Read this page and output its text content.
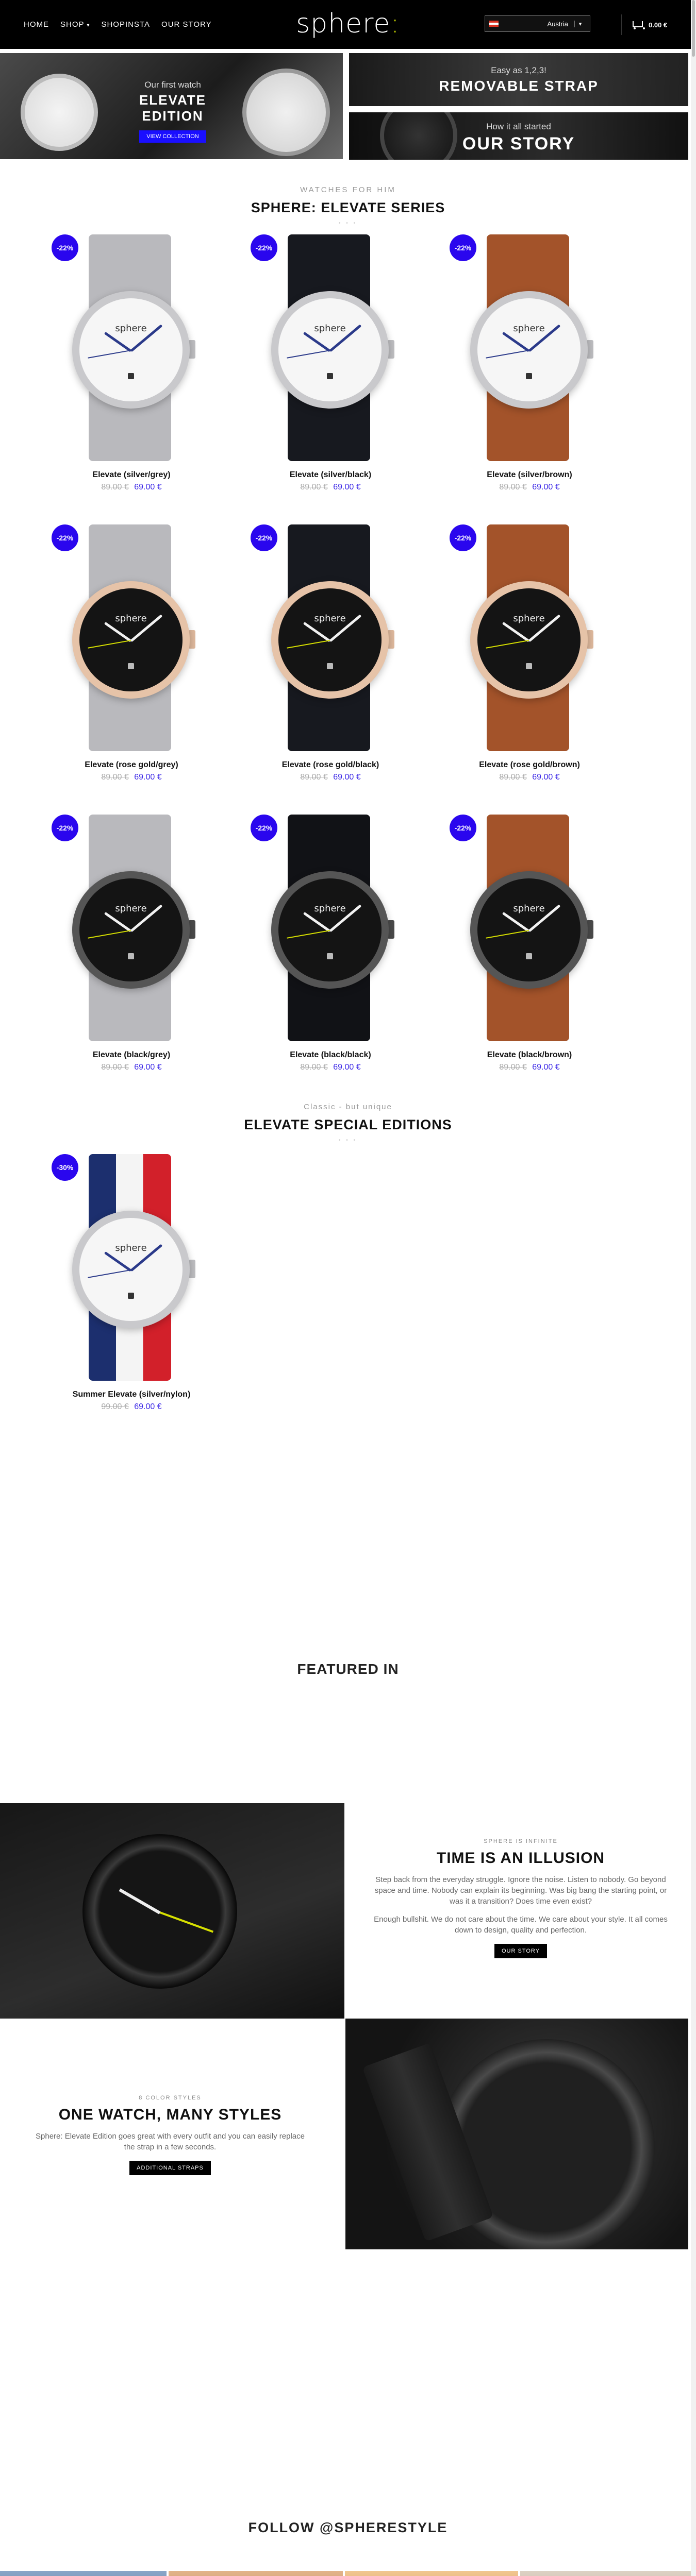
HOME SHOP ▾ SHOPINSTA OUR STORY	sphere:	Austria	▾	0.00 €
Our first watch
ELEVATE EDITION
VIEW COLLECTION
Easy as 1,2,3!
REMOVABLE STRAP
How it all started
OUR STORY
WATCHES FOR HIM
SPHERE: ELEVATE SERIES
• • •
-22%
sphere
Elevate (silver/grey)
89.00 € 69.00 €
-22%
sphere
Elevate (silver/black)
89.00 € 69.00 €
-22%
sphere
Elevate (silver/brown)
89.00 € 69.00 €
-22%
sphere
Elevate (rose gold/grey)
89.00 € 69.00 €
-22%
sphere
Elevate (rose gold/black)
89.00 € 69.00 €
-22%
sphere
Elevate (rose gold/brown)
89.00 € 69.00 €
-22%
sphere
Elevate (black/grey)
89.00 € 69.00 €
-22%
sphere
Elevate (black/black)
89.00 € 69.00 €
-22%
sphere
Elevate (black/brown)
89.00 € 69.00 €
Classic - but unique
ELEVATE SPECIAL EDITIONS
• • •
-30%
sphere
Summer Elevate (silver/nylon)
99.00 € 69.00 €
FEATURED IN
SPHERE IS INFINITE
TIME IS AN ILLUSION
Step back from the everyday struggle. Ignore the noise. Listen to nobody. Go beyond space and time. Nobody can explain its beginning. Was big bang the starting point, or was it a transition? Does time even exist?
Enough bullshit. We do not care about the time. We care about your style. It all comes down to design, quality and perfection.
OUR STORY
8 COLOR STYLES
ONE WATCH, MANY STYLES
Sphere: Elevate Edition goes great with every outfit and you can easily replace the strap in a few seconds.
ADDITIONAL STRAPS
FOLLOW @SPHERESTYLE
